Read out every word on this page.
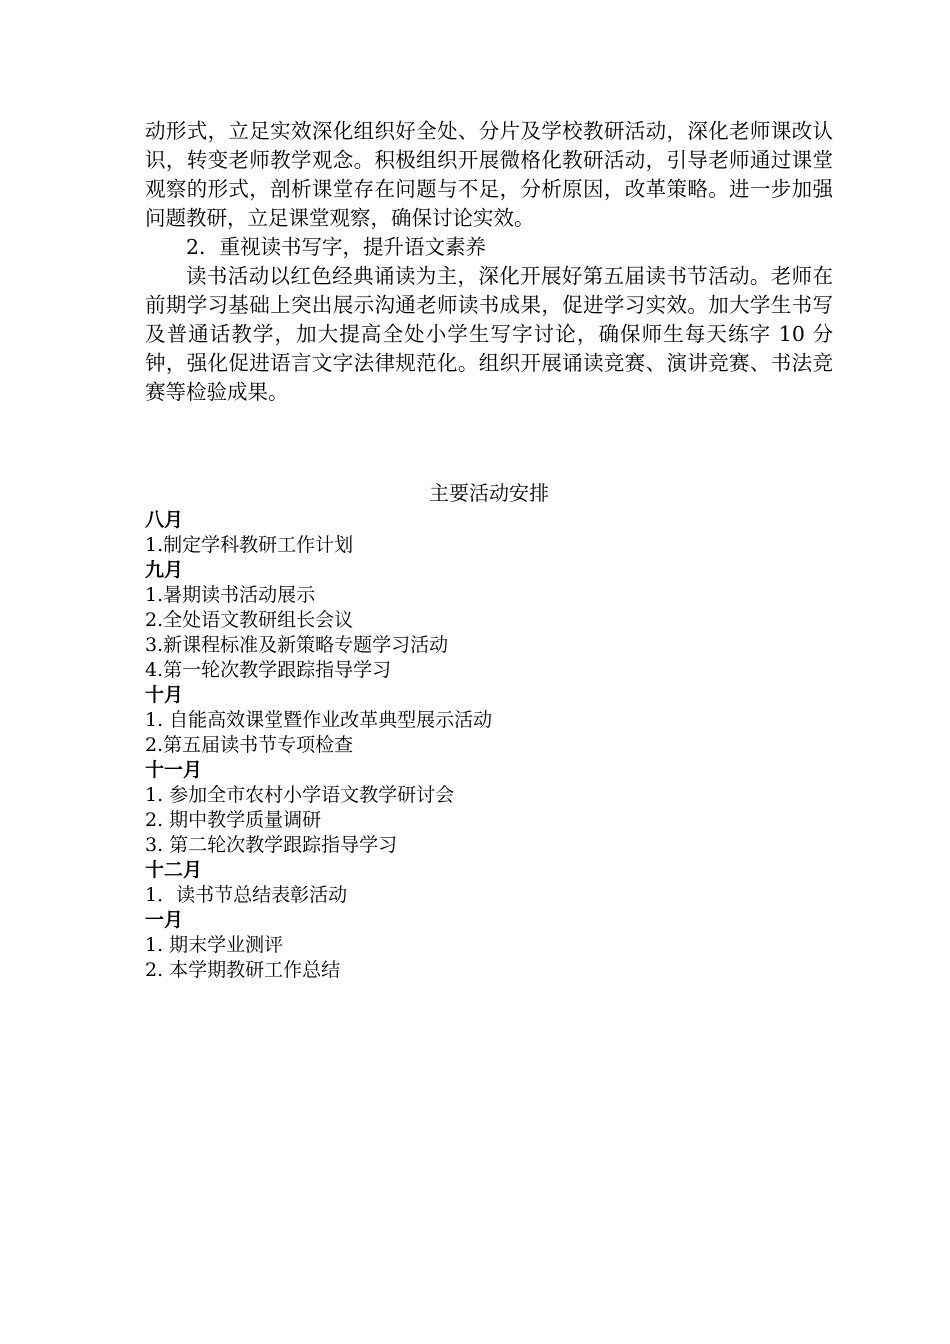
动形式，立足实效深化组织好全处、分片及学校教研活动，深化老师课改认识，转变老师教学观念。积极组织开展微格化教研活动，引导老师通过课堂观察的形式，剖析课堂存在问题与不足，分析原因，改革策略。进一步加强问题教研，立足课堂观察，确保讨论实效。

2．重视读书写字，提升语文素养

读书活动以红色经典诵读为主，深化开展好第五届读书节活动。老师在前期学习基础上突出展示沟通老师读书成果，促进学习实效。加大学生书写及普通话教学，加大提高全处小学生写字讨论，确保师生每天练字 10 分钟，强化促进语言文字法律规范化。组织开展诵读竞赛、演讲竞赛、书法竞赛等检验成果。

主要活动安排

八月

1.制定学科教研工作计划

九月

1.暑期读书活动展示

2.全处语文教研组长会议

3.新课程标准及新策略专题学习活动

4.第一轮次教学跟踪指导学习

十月

1. 自能高效课堂暨作业改革典型展示活动

2.第五届读书节专项检查

十一月

1. 参加全市农村小学语文教学研讨会

2. 期中教学质量调研

3. 第二轮次教学跟踪指导学习

十二月

1．读书节总结表彰活动

一月

1. 期末学业测评

2. 本学期教研工作总结
